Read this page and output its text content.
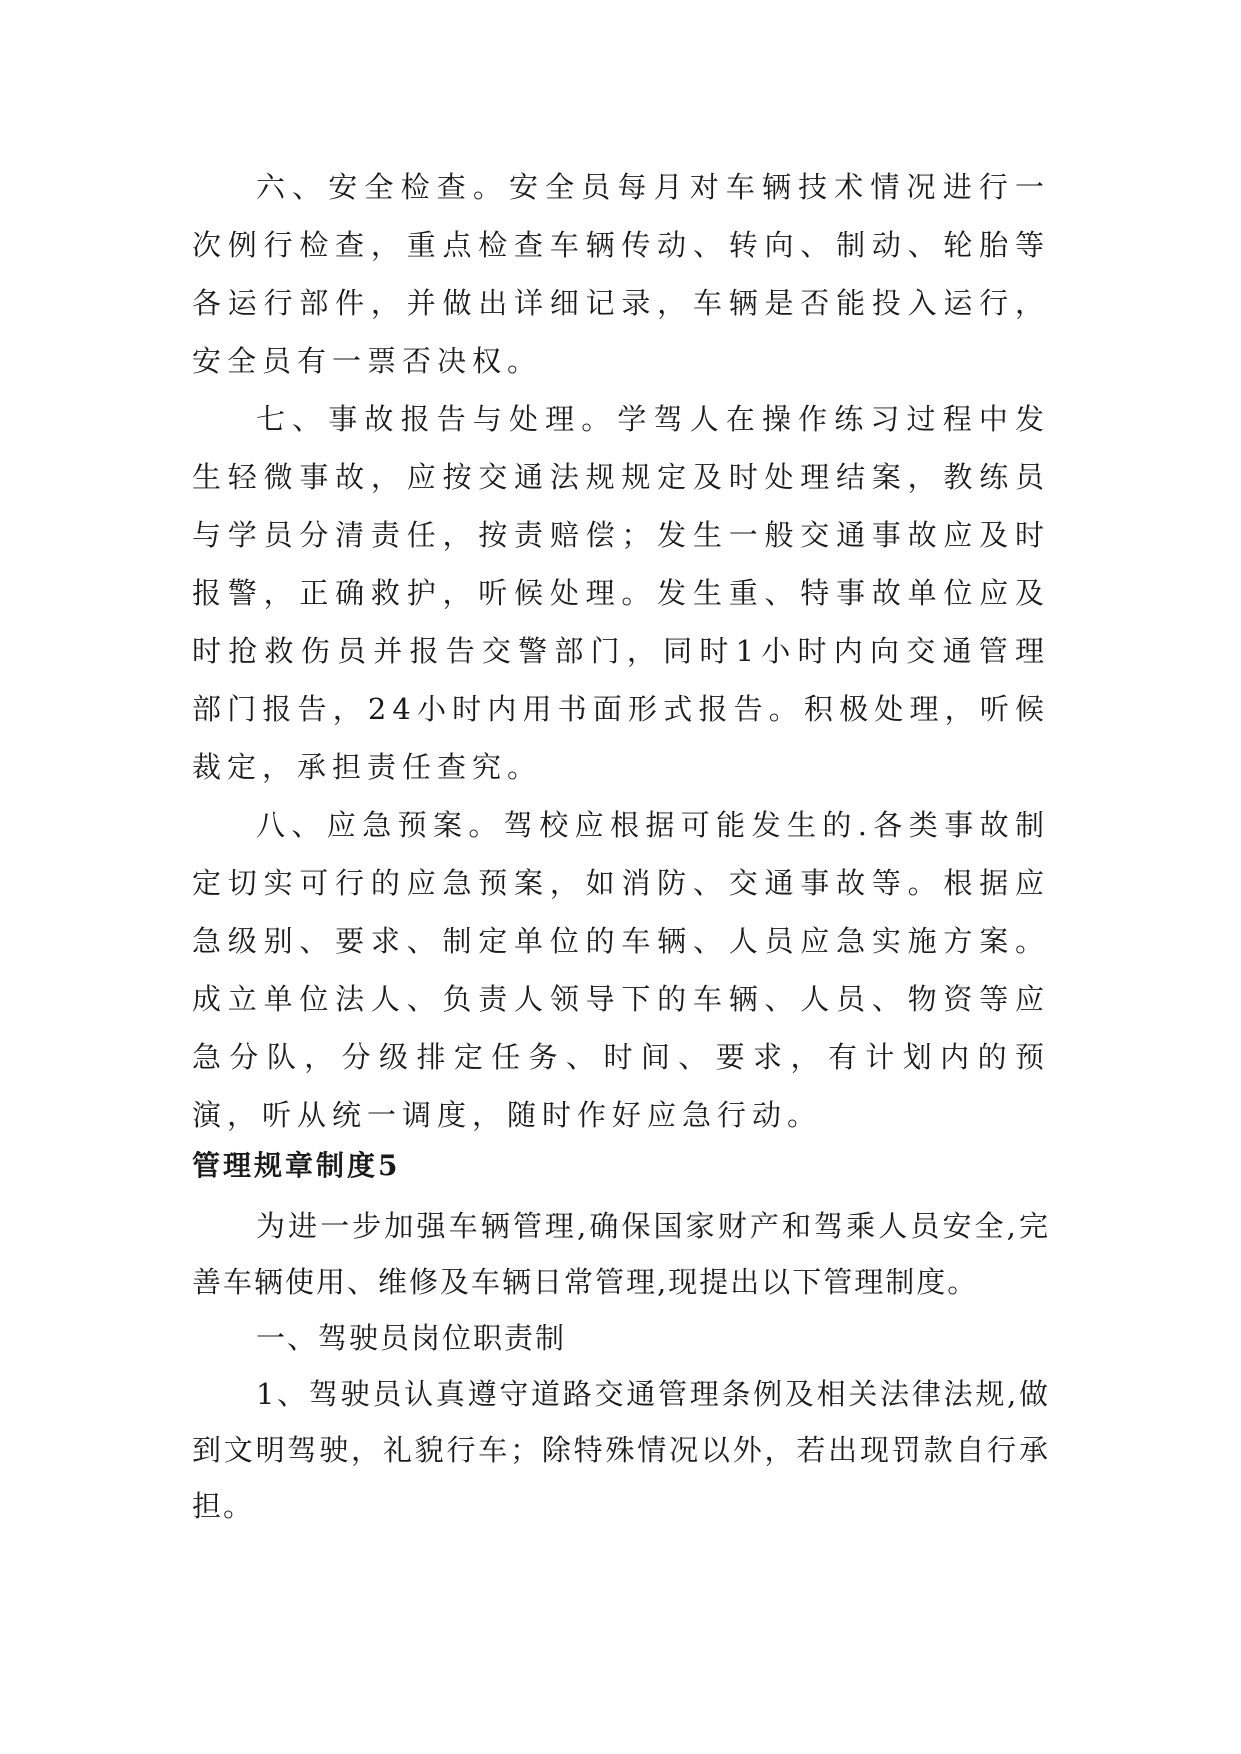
六、安全检查。安全员每月对车辆技术情况进行一次例行检查，重点检查车辆传动、转向、制动、轮胎等各运行部件，并做出详细记录，车辆是否能投入运行，安全员有一票否决权。

七、事故报告与处理。学驾人在操作练习过程中发生轻微事故，应按交通法规规定及时处理结案，教练员与学员分清责任，按责赔偿；发生一般交通事故应及时报警，正确救护，听候处理。发生重、特事故单位应及时抢救伤员并报告交警部门，同时1小时内向交通管理部门报告，24小时内用书面形式报告。积极处理，听候裁定，承担责任查究。

八、应急预案。驾校应根据可能发生的.各类事故制定切实可行的应急预案，如消防、交通事故等。根据应急级别、要求、制定单位的车辆、人员应急实施方案。成立单位法人、负责人领导下的车辆、人员、物资等应急分队，分级排定任务、时间、要求，有计划内的预演，听从统一调度，随时作好应急行动。

管理规章制度5

为进一步加强车辆管理,确保国家财产和驾乘人员安全,完善车辆使用、维修及车辆日常管理,现提出以下管理制度。

一、驾驶员岗位职责制

1、驾驶员认真遵守道路交通管理条例及相关法律法规,做到文明驾驶，礼貌行车；除特殊情况以外，若出现罚款自行承担。
